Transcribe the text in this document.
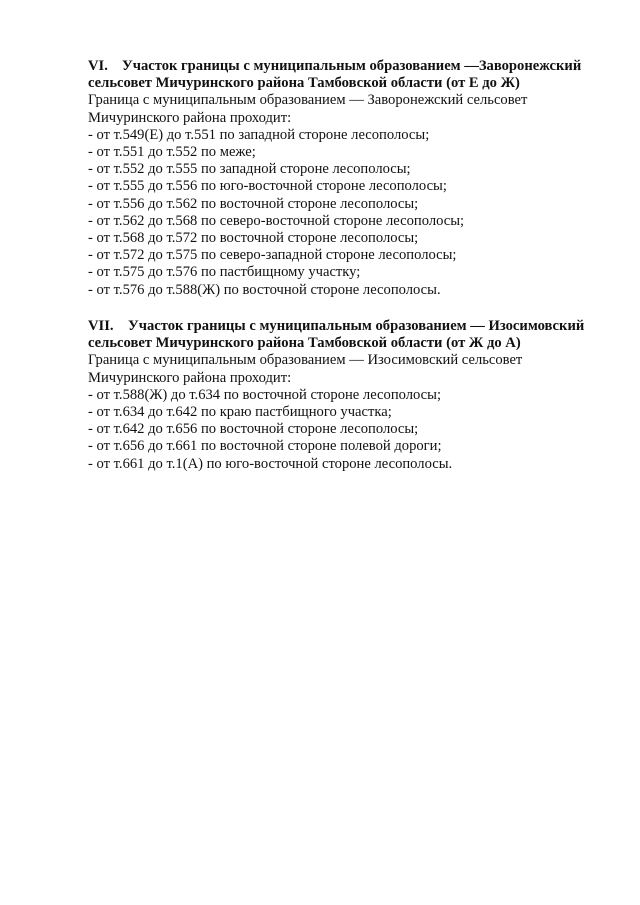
VI. Участок границы с муниципальным образованием —Заворонежский
сельсовет Мичуринского района Тамбовской области (от Е до Ж)
Граница с муниципальным образованием — Заворонежский сельсовет
Мичуринского района проходит:
- от т.549(Е) до т.551 по западной стороне лесополосы;
- от т.551 до т.552 по меже;
- от т.552 до т.555 по западной стороне лесополосы;
- от т.555 до т.556 по юго-восточной стороне лесополосы;
- от т.556 до т.562 по восточной стороне лесополосы;
- от т.562 до т.568 по северо-восточной стороне лесополосы;
- от т.568 до т.572 по восточной стороне лесополосы;
- от т.572 до т.575 по северо-западной стороне лесополосы;
- от т.575 до т.576 по пастбищному участку;
- от т.576 до т.588(Ж) по восточной стороне лесополосы.
VII. Участок границы с муниципальным образованием — Изосимовский
сельсовет Мичуринского района Тамбовской области (от Ж до А)
Граница с муниципальным образованием — Изосимовский сельсовет
Мичуринского района проходит:
- от т.588(Ж) до т.634 по восточной стороне лесополосы;
- от т.634 до т.642 по краю пастбищного участка;
- от т.642 до т.656 по восточной стороне лесополосы;
- от т.656 до т.661 по восточной стороне полевой дороги;
- от т.661 до т.1(А) по юго-восточной стороне лесополосы.
